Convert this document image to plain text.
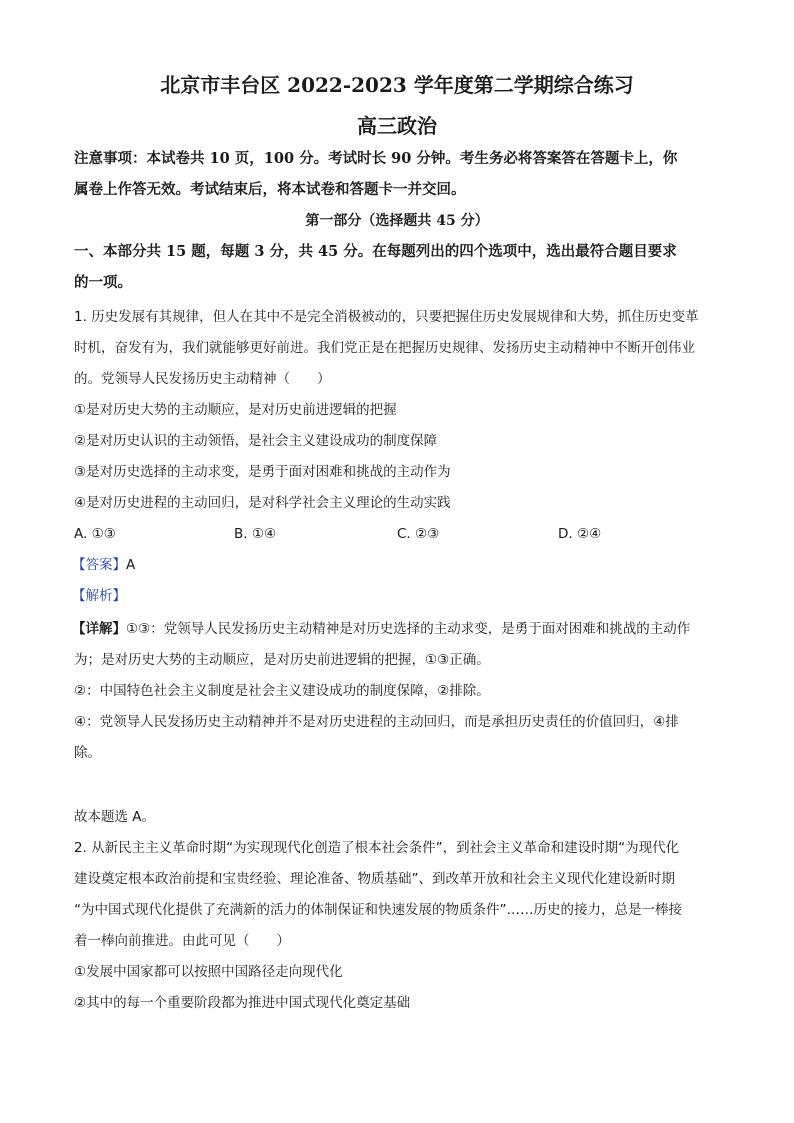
北京市丰台区 2022-2023 学年度第二学期综合练习
高三政治
注意事项：本试卷共 10 页，100 分。考试时长 90 分钟。考生务必将答案答在答题卡上，你
属卷上作答无效。考试结束后，将本试卷和答题卡一并交回。
第一部分（选择题共 45 分）
一、本部分共 15 题，每题 3 分，共 45 分。在每题列出的四个选项中，选出最符合题目要求
的一项。
1. 历史发展有其规律，但人在其中不是完全消极被动的，只要把握住历史发展规律和大势，抓住历史变革
时机，奋发有为，我们就能够更好前进。我们党正是在把握历史规律、发扬历史主动精神中不断开创伟业
的。党领导人民发扬历史主动精神（　　）
①是对历史大势的主动顺应，是对历史前进逻辑的把握
②是对历史认识的主动领悟，是社会主义建设成功的制度保障
③是对历史选择的主动求变，是勇于面对困难和挑战的主动作为
④是对历史进程的主动回归，是对科学社会主义理论的生动实践
A. ①③	B. ①④	C. ②③	D. ②④
【答案】A
【解析】
【详解】①③：党领导人民发扬历史主动精神是对历史选择的主动求变，是勇于面对困难和挑战的主动作
为；是对历史大势的主动顺应，是对历史前进逻辑的把握，①③正确。
②：中国特色社会主义制度是社会主义建设成功的制度保障，②排除。
④：党领导人民发扬历史主动精神并不是对历史进程的主动回归，而是承担历史责任的价值回归，④排
除。
故本题选 A。
2. 从新民主主义革命时期“为实现现代化创造了根本社会条件”，到社会主义革命和建设时期“为现代化
建设奠定根本政治前提和宝贵经验、理论准备、物质基础”、到改革开放和社会主义现代化建设新时期
“为中国式现代化提供了充满新的活力的体制保证和快速发展的物质条件”……历史的接力，总是一棒接
着一棒向前推进。由此可见（　　）
①发展中国家都可以按照中国路径走向现代化
②其中的每一个重要阶段都为推进中国式现代化奠定基础
